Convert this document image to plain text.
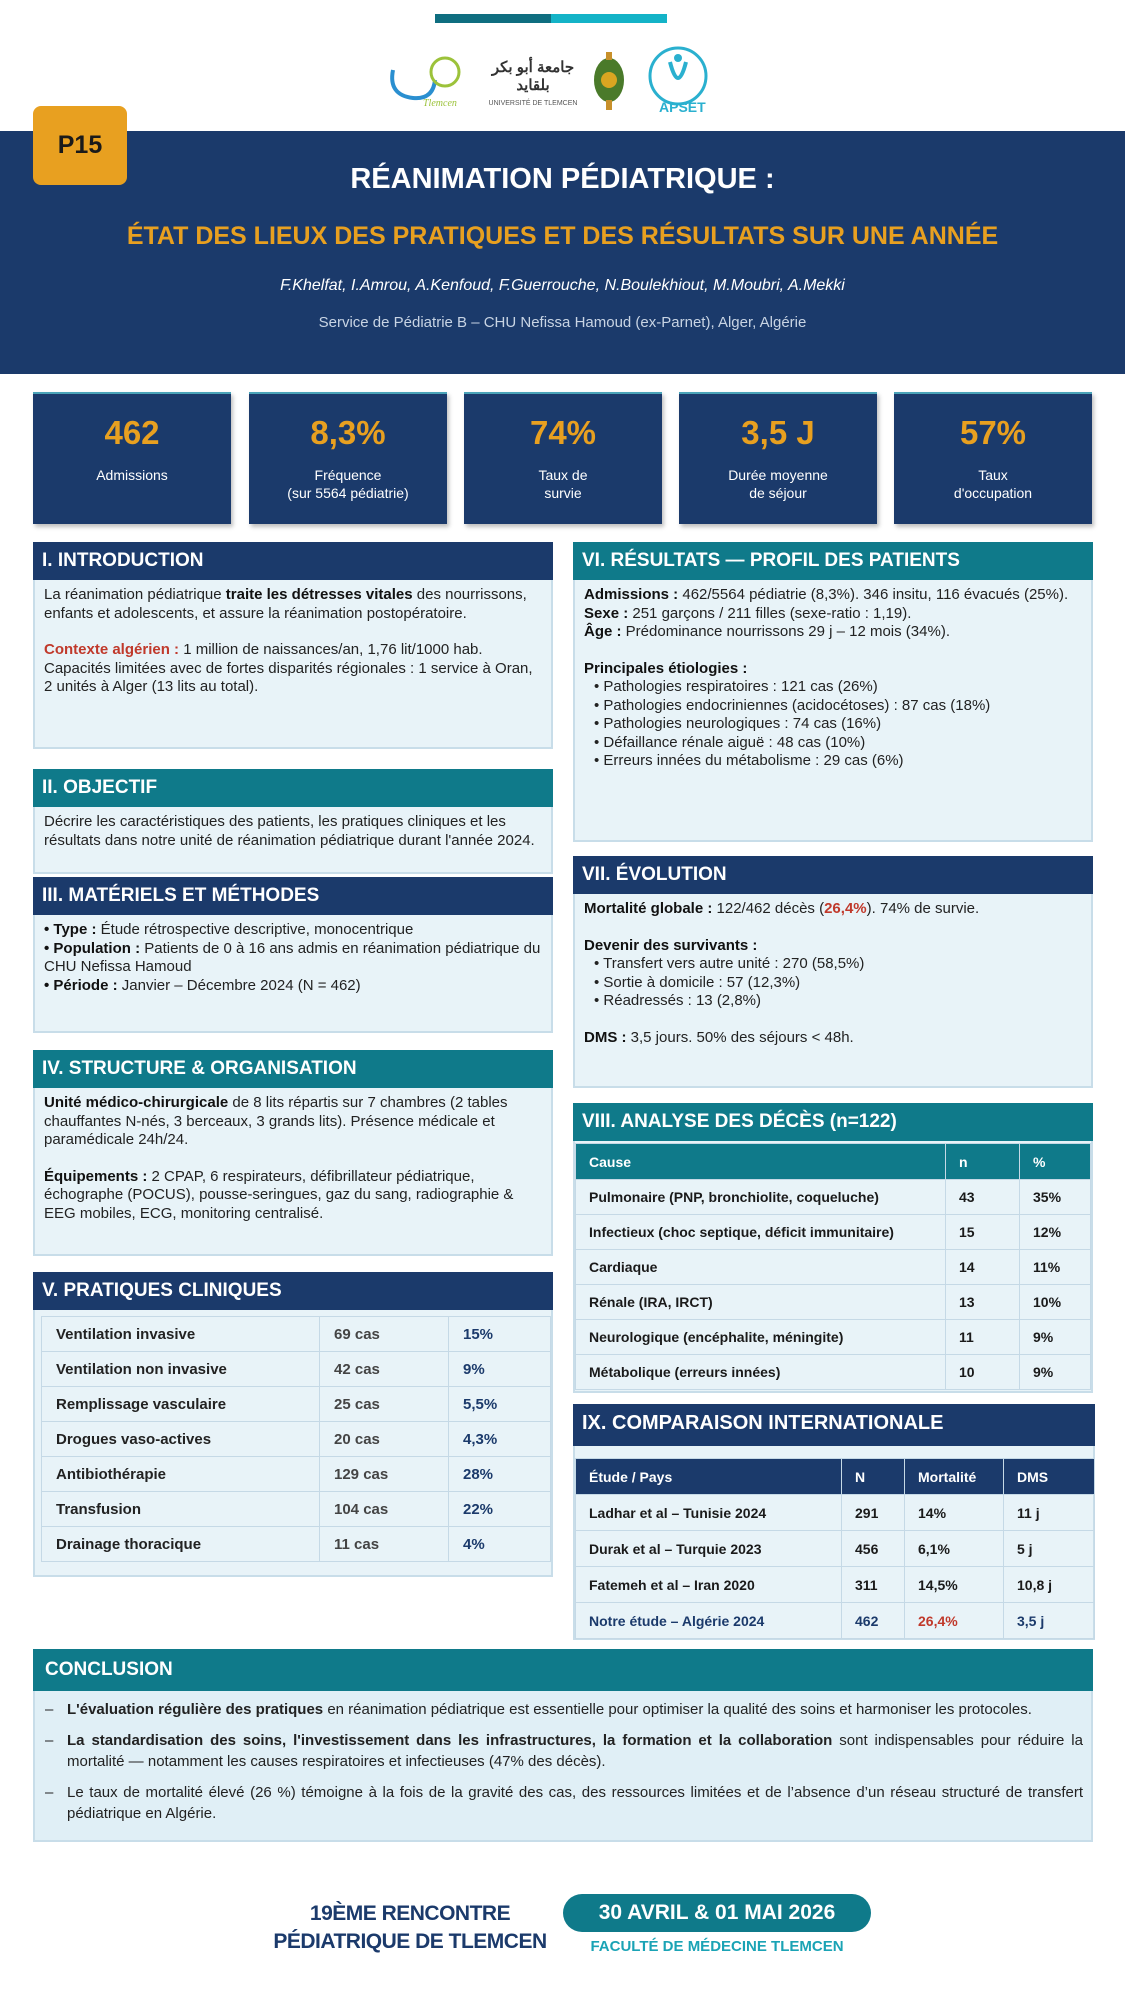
Tlemcen
جامعة أبو بكر بلقايد
UNIVERSITÉ DE TLEMCEN	APSET
P15
RÉANIMATION PÉDIATRIQUE :
ÉTAT DES LIEUX DES PRATIQUES ET DES RÉSULTATS SUR UNE ANNÉE
F.Khelfat, I.Amrou, A.Kenfoud, F.Guerrouche, N.Boulekhiout, M.Moubri, A.Mekki
Service de Pédiatrie B – CHU Nefissa Hamoud (ex-Parnet), Alger, Algérie
462
Admissions
8,3%
Fréquence
(sur 5564 pédiatrie)
74%
Taux de
survie
3,5 J
Durée moyenne
de séjour
57%
Taux
d'occupation
I. INTRODUCTION
La réanimation pédiatrique traite les détresses vitales des nourrissons, enfants et adolescents, et assure la réanimation postopératoire.
Contexte algérien : 1 million de naissances/an, 1,76 lit/1000 hab. Capacités limitées avec de fortes disparités régionales : 1 service à Oran, 2 unités à Alger (13 lits au total).
II. OBJECTIF
Décrire les caractéristiques des patients, les pratiques cliniques et les résultats dans notre unité de réanimation pédiatrique durant l'année 2024.
III. MATÉRIELS ET MÉTHODES
• Type : Étude rétrospective descriptive, monocentrique
• Population : Patients de 0 à 16 ans admis en réanimation pédiatrique du CHU Nefissa Hamoud
• Période : Janvier – Décembre 2024 (N = 462)
IV. STRUCTURE & ORGANISATION
Unité médico-chirurgicale de 8 lits répartis sur 7 chambres (2 tables chauffantes N-nés, 3 berceaux, 3 grands lits). Présence médicale et paramédicale 24h/24.
Équipements : 2 CPAP, 6 respirateurs, défibrillateur pédiatrique, échographe (POCUS), pousse-seringues, gaz du sang, radiographie & EEG mobiles, ECG, monitoring centralisé.
V. PRATIQUES CLINIQUES
Ventilation invasive	69 cas	15%
Ventilation non invasive	42 cas	9%
Remplissage vasculaire	25 cas	5,5%
Drogues vaso-actives	20 cas	4,3%
Antibiothérapie	129 cas	28%
Transfusion	104 cas	22%
Drainage thoracique	11 cas	4%
VI. RÉSULTATS — PROFIL DES PATIENTS
Admissions : 462/5564 pédiatrie (8,3%). 346 insitu, 116 évacués (25%).
Sexe : 251 garçons / 211 filles (sexe-ratio : 1,19).
Âge : Prédominance nourrissons 29 j – 12 mois (34%).
Principales étiologies :
• Pathologies respiratoires : 121 cas (26%)
• Pathologies endocriniennes (acidocétoses) : 87 cas (18%)
• Pathologies neurologiques : 74 cas (16%)
• Défaillance rénale aiguë : 48 cas (10%)
• Erreurs innées du métabolisme : 29 cas (6%)
VII. ÉVOLUTION
Mortalité globale : 122/462 décès (26,4%). 74% de survie.
Devenir des survivants :
• Transfert vers autre unité : 270 (58,5%)
• Sortie à domicile : 57 (12,3%)
• Réadressés : 13 (2,8%)
DMS : 3,5 jours. 50% des séjours < 48h.
VIII. ANALYSE DES DÉCÈS (n=122)
Cause	n	%
Pulmonaire (PNP, bronchiolite, coqueluche)	43	35%
Infectieux (choc septique, déficit immunitaire)	15	12%
Cardiaque	14	11%
Rénale (IRA, IRCT)	13	10%
Neurologique (encéphalite, méningite)	11	9%
Métabolique (erreurs innées)	10	9%
IX. COMPARAISON INTERNATIONALE
Étude / Pays	N	Mortalité	DMS
Ladhar et al – Tunisie 2024	291	14%	11 j
Durak et al – Turquie 2023	456	6,1%	5 j
Fatemeh et al – Iran 2020	311	14,5%	10,8 j
Notre étude – Algérie 2024	462	26,4%	3,5 j
CONCLUSION
– L'évaluation régulière des pratiques en réanimation pédiatrique est essentielle pour optimiser la qualité des soins et harmoniser les protocoles.
– La standardisation des soins, l'investissement dans les infrastructures, la formation et la collaboration sont indispensables pour réduire la mortalité — notamment les causes respiratoires et infectieuses (47% des décès).
– Le taux de mortalité élevé (26 %) témoigne à la fois de la gravité des cas, des ressources limitées et de l’absence d’un réseau structuré de transfert pédiatrique en Algérie.
19ÈME RENCONTRE
PÉDIATRIQUE DE TLEMCEN
30 AVRIL & 01 MAI 2026
FACULTÉ DE MÉDECINE TLEMCEN
